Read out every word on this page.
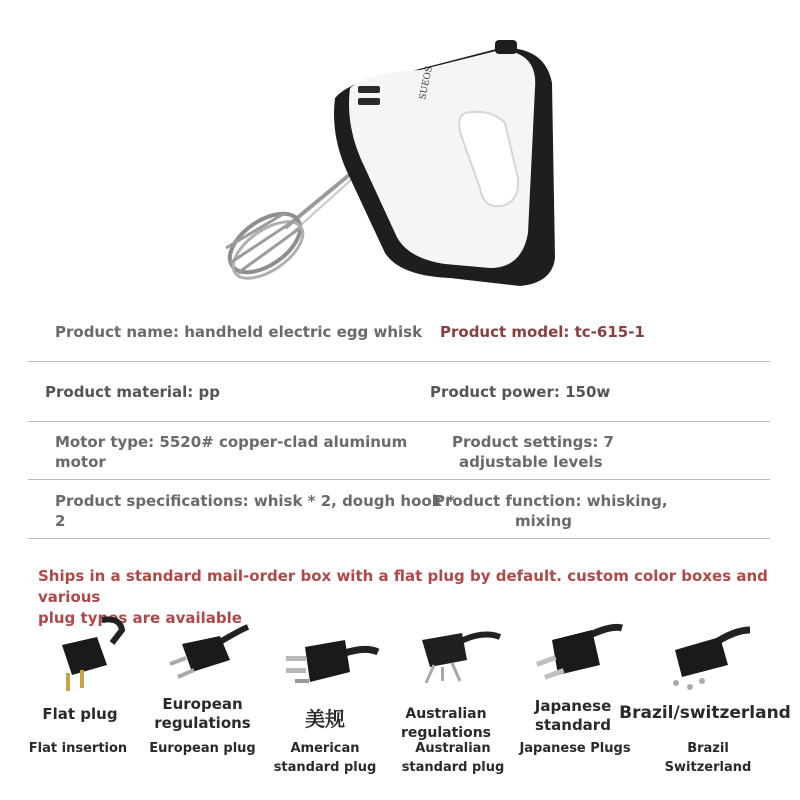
SUEOS
Product name: handheld electric egg whisk Product model: tc-615-1
Product material: pp	Product power: 150w
Motor type: 5520# copper-clad aluminum
motor
Product settings: 7
adjustable levels
Product specifications: whisk * 2, dough hook *
2
Product function: whisking,
mixing
Ships in a standard mail-order box with a flat plug by default. custom color boxes and various
plug types are available
Flat plug
Flat insertion
European
regulations
European plug
美规
American
standard plug
Australian regulations
Australian
standard plug
Japanese
standard
Japanese Plugs
Brazil/switzerland
Brazil
Switzerland
